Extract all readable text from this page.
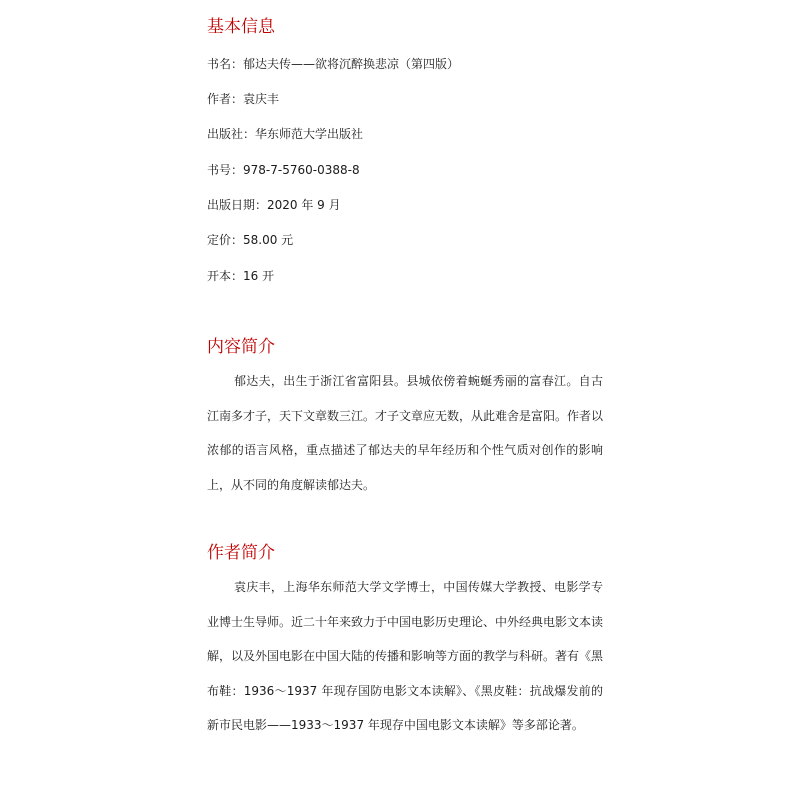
基本信息
书名：郁达夫传——欲将沉醉换悲凉（第四版）
作者：袁庆丰
出版社：华东师范大学出版社
书号：978-7-5760-0388-8
出版日期：2020 年 9 月
定价：58.00 元
开本：16 开
内容简介

郁达夫，出生于浙江省富阳县。县城依傍着蜿蜒秀丽的富春江。自古江南多才子，天下文章数三江。才子文章应无数，从此难舍是富阳。作者以浓郁的语言风格，重点描述了郁达夫的早年经历和个性气质对创作的影响上，从不同的角度解读郁达夫。

作者简介

袁庆丰，上海华东师范大学文学博士，中国传媒大学教授、电影学专业博士生导师。近二十年来致力于中国电影历史理论、中外经典电影文本读解，以及外国电影在中国大陆的传播和影响等方面的教学与科研。著有《黑布鞋：1936～1937 年现存国防电影文本读解》、《黑皮鞋：抗战爆发前的新市民电影——1933～1937 年现存中国电影文本读解》等多部论著。
